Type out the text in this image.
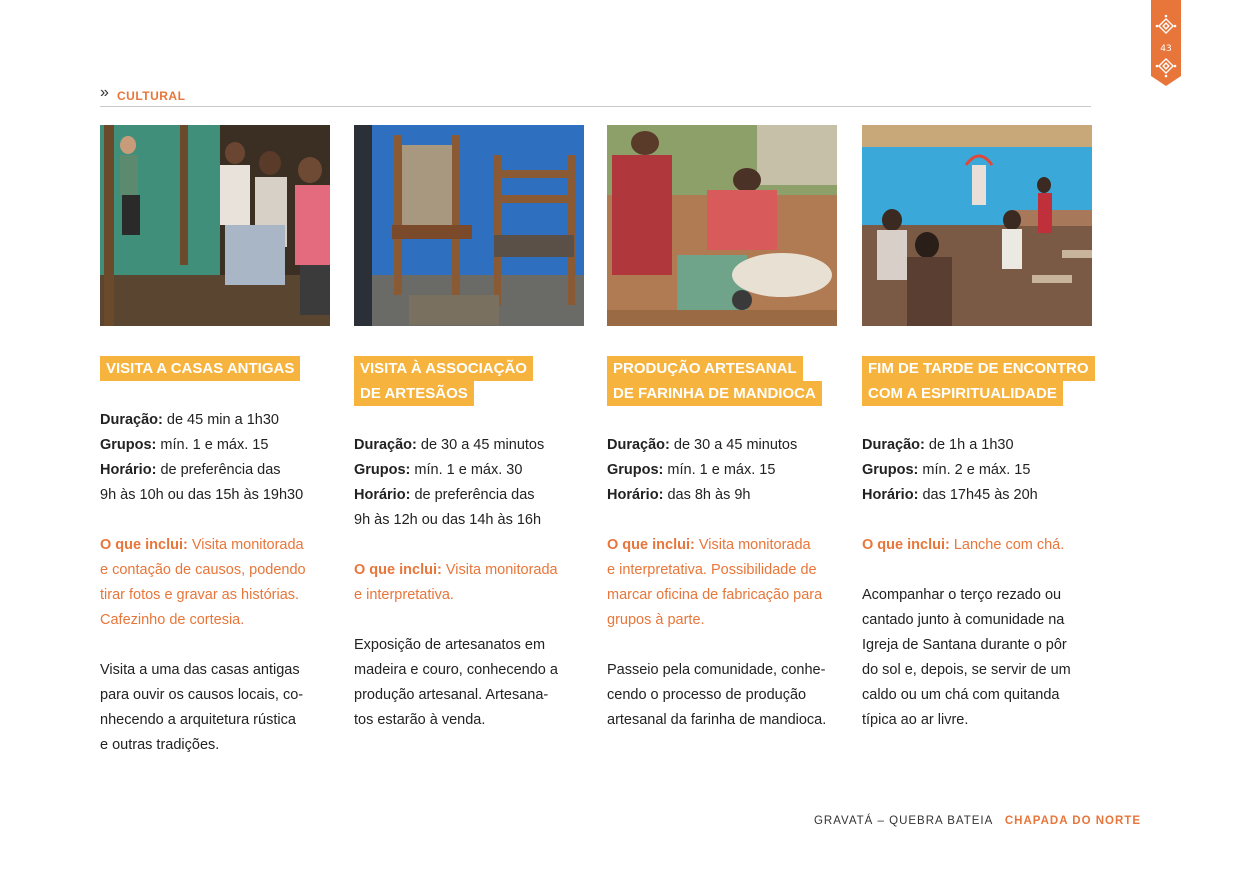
43
» CULTURAL
VISITA A CASAS ANTIGAS
Duração: de 45 min a 1h30
Grupos: mín. 1 e máx. 15
Horário: de preferência das
9h às 10h ou das 15h às 19h30
O que inclui: Visita monitorada
e contação de causos, podendo
tirar fotos e gravar as histórias.
Cafezinho de cortesia.
Visita a uma das casas antigas
para ouvir os causos locais, co-
nhecendo a arquitetura rústica
e outras tradições.
VISITA À ASSOCIAÇÃO
DE ARTESÃOS
Duração: de 30 a 45 minutos
Grupos: mín. 1 e máx. 30
Horário: de preferência das
9h às 12h ou das 14h às 16h
O que inclui: Visita monitorada
e interpretativa.
Exposição de artesanatos em
madeira e couro, conhecendo a
produção artesanal. Artesana-
tos estarão à venda.
PRODUÇÃO ARTESANAL
DE FARINHA DE MANDIOCA
Duração: de 30 a 45 minutos
Grupos: mín. 1 e máx. 15
Horário: das 8h às 9h
O que inclui: Visita monitorada
e interpretativa. Possibilidade de
marcar oficina de fabricação para
grupos à parte.
Passeio pela comunidade, conhe-
cendo o processo de produção
artesanal da farinha de mandioca.
FIM DE TARDE DE ENCONTRO
COM A ESPIRITUALIDADE
Duração: de 1h a 1h30
Grupos: mín. 2 e máx. 15
Horário: das 17h45 às 20h
O que inclui: Lanche com chá.
Acompanhar o terço rezado ou
cantado junto à comunidade na
Igreja de Santana durante o pôr
do sol e, depois, se servir de um
caldo ou um chá com quitanda
típica ao ar livre.
GRAVATÁ – QUEBRA BATEIA CHAPADA DO NORTE
